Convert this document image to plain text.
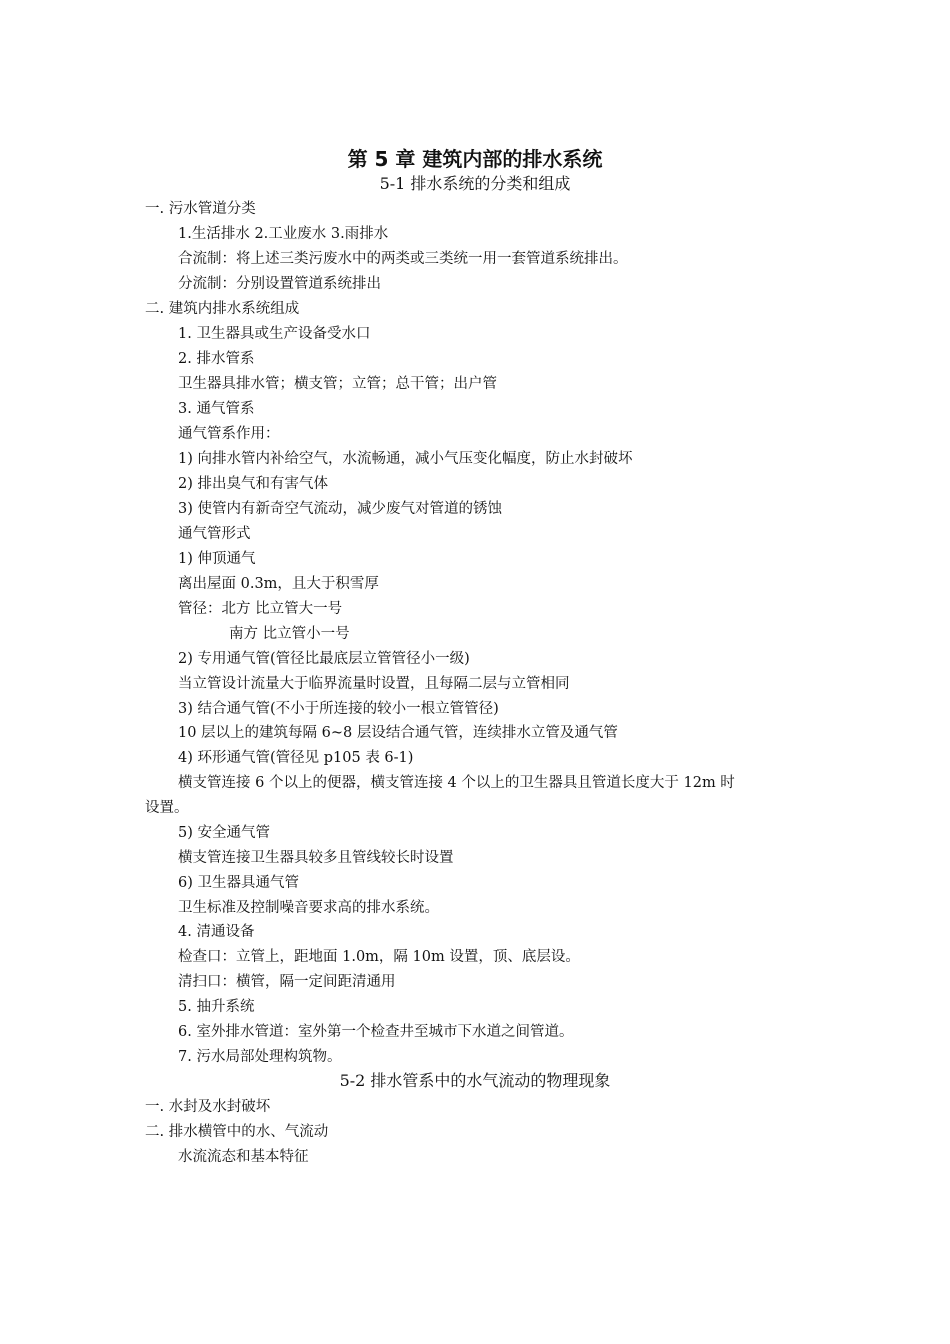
第 5 章 建筑内部的排水系统
5-1 排水系统的分类和组成
一. 污水管道分类
1.生活排水 2.工业废水 3.雨排水
合流制：将上述三类污废水中的两类或三类统一用一套管道系统排出。
分流制：分别设置管道系统排出
二. 建筑内排水系统组成
1. 卫生器具或生产设备受水口
2. 排水管系
卫生器具排水管；横支管；立管；总干管；出户管
3. 通气管系
通气管系作用：
1) 向排水管内补给空气，水流畅通，减小气压变化幅度，防止水封破坏
2) 排出臭气和有害气体
3) 使管内有新奇空气流动，减少废气对管道的锈蚀
通气管形式
1) 伸顶通气
离出屋面 0.3m，且大于积雪厚
管径：北方 比立管大一号
南方 比立管小一号
2) 专用通气管(管径比最底层立管管径小一级)
当立管设计流量大于临界流量时设置，且每隔二层与立管相同
3) 结合通气管(不小于所连接的较小一根立管管径)
10 层以上的建筑每隔 6~8 层设结合通气管，连续排水立管及通气管
4) 环形通气管(管径见 p105 表 6-1)
横支管连接 6 个以上的便器，横支管连接 4 个以上的卫生器具且管道长度大于 12m 时
设置。
5) 安全通气管
横支管连接卫生器具较多且管线较长时设置
6) 卫生器具通气管
卫生标准及控制噪音要求高的排水系统。
4. 清通设备
检查口：立管上，距地面 1.0m，隔 10m 设置，顶、底层设。
清扫口：横管，隔一定间距清通用
5. 抽升系统
6. 室外排水管道：室外第一个检查井至城市下水道之间管道。
7. 污水局部处理构筑物。
5-2 排水管系中的水气流动的物理现象
一. 水封及水封破坏
二. 排水横管中的水、气流动
水流流态和基本特征
